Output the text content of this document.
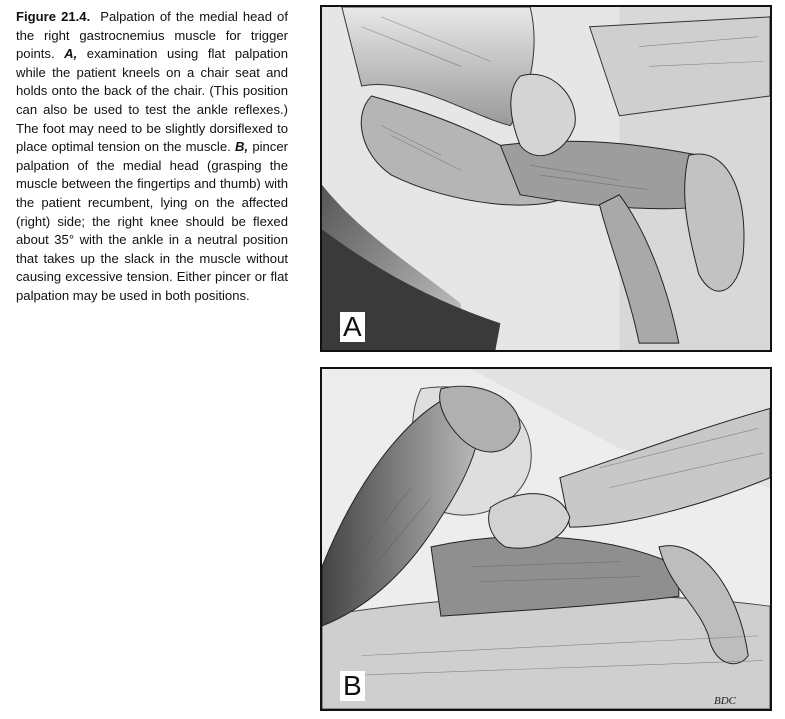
Figure 21.4. Palpation of the medial head of the right gastrocnemius muscle for trigger points. A, examination using flat palpation while the patient kneels on a chair seat and holds onto the back of the chair. (This position can also be used to test the ankle reflexes.) The foot may need to be slightly dorsiflexed to place optimal tension on the muscle. B, pincer palpation of the medial head (grasping the muscle between the fingertips and thumb) with the patient recumbent, lying on the affected (right) side; the right knee should be flexed about 35° with the ankle in a neutral position that takes up the slack in the muscle without causing excessive tension. Either pincer or flat palpation may be used in both positions.
A
B	BDC
